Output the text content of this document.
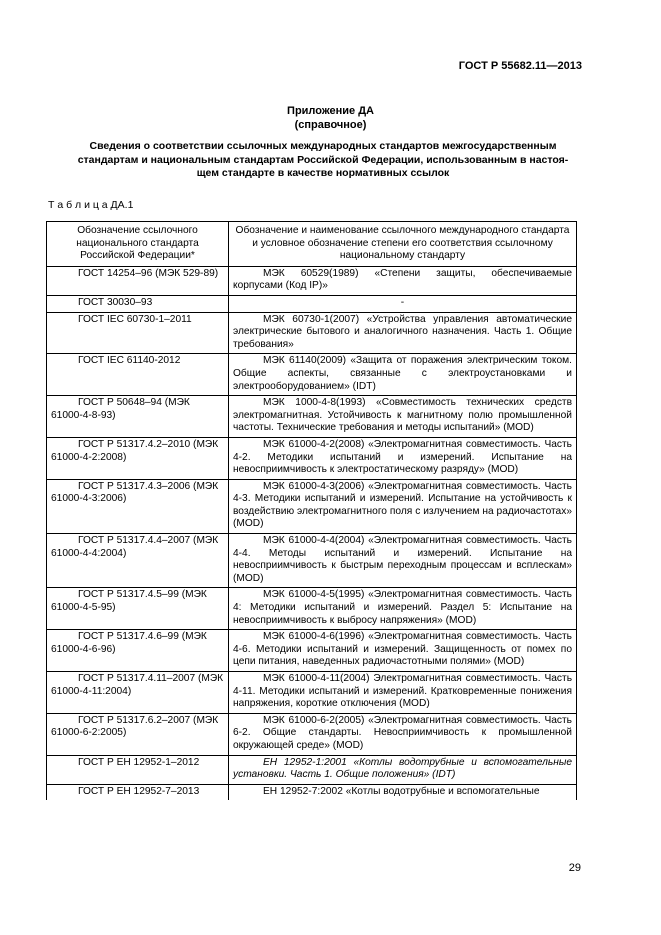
ГОСТ Р 55682.11—2013
Приложение ДА
(справочное)
Сведения о соответствии ссылочных международных стандартов межгосударственным
стандартам и национальным стандартам Российской Федерации, использованным в настоя-
щем стандарте в качестве нормативных ссылок
Т а б л и ц а ДА.1
Обозначение ссылочного национального стандарта Российской Федерации*	Обозначение и наименование ссылочного международного стандарта и условное обозначение степени его соответствия ссылочному национальному стандарту
ГОСТ 14254–96 (МЭК 529-89)	МЭК 60529(1989) «Степени защиты, обеспечиваемые корпусами (Код IP)»
ГОСТ 30030–93	-
ГОСТ IEC 60730-1–2011	МЭК 60730-1(2007) «Устройства управления автоматические электрические бытового и аналогичного назначения. Часть 1. Общие требования»
ГОСТ IEC 61140-2012	МЭК 61140(2009) «Защита от поражения электрическим током. Общие аспекты, связанные с электроустановками и электрооборудованием» (IDT)
ГОСТ Р 50648–94 (МЭК 61000-4-8-93)	МЭК 1000-4-8(1993) «Совместимость технических средств электромагнитная. Устойчивость к магнитному полю промышленной частоты. Технические требования и методы испытаний» (MOD)
ГОСТ Р 51317.4.2–2010 (МЭК 61000-4-2:2008)	МЭК 61000-4-2(2008) «Электромагнитная совместимость. Часть 4-2. Методики испытаний и измерений. Испытание на невосприимчивость к электростатическому разряду» (MOD)
ГОСТ Р 51317.4.3–2006 (МЭК 61000-4-3:2006)	МЭК 61000-4-3(2006) «Электромагнитная совместимость. Часть 4-3. Методики испытаний и измерений. Испытание на устойчивость к воздействию электромагнитного поля с излучением на радиочастотах» (MOD)
ГОСТ Р 51317.4.4–2007 (МЭК 61000-4-4:2004)	МЭК 61000-4-4(2004) «Электромагнитная совместимость. Часть 4-4. Методы испытаний и измерений. Испытание на невосприимчивость к быстрым переходным процессам и всплескам» (MOD)
ГОСТ Р 51317.4.5–99 (МЭК 61000-4-5-95)	МЭК 61000-4-5(1995) «Электромагнитная совместимость. Часть 4: Методики испытаний и измерений. Раздел 5: Испытание на невосприимчивость к выбросу напряжения» (MOD)
ГОСТ Р 51317.4.6–99 (МЭК 61000-4-6-96)	МЭК 61000-4-6(1996) «Электромагнитная совместимость. Часть 4-6. Методики испытаний и измерений. Защищенность от помех по цепи питания, наведенных радиочастотными полями» (MOD)
ГОСТ Р 51317.4.11–2007 (МЭК 61000-4-11:2004)	МЭК 61000-4-11(2004) Электромагнитная совместимость. Часть 4-11. Методики испытаний и измерений. Кратковременные понижения напряжения, короткие отключения (MOD)
ГОСТ Р 51317.6.2–2007 (МЭК 61000-6-2:2005)	МЭК 61000-6-2(2005) «Электромагнитная совместимость. Часть 6-2. Общие стандарты. Невосприимчивость к промышленной окружающей среде» (MOD)
ГОСТ Р ЕН 12952-1–2012	ЕН 12952-1:2001 «Котлы водотрубные и вспомогательные установки. Часть 1. Общие положения» (IDT)
ГОСТ Р ЕН 12952-7–2013	ЕН 12952-7:2002 «Котлы водотрубные и вспомогательные
29
